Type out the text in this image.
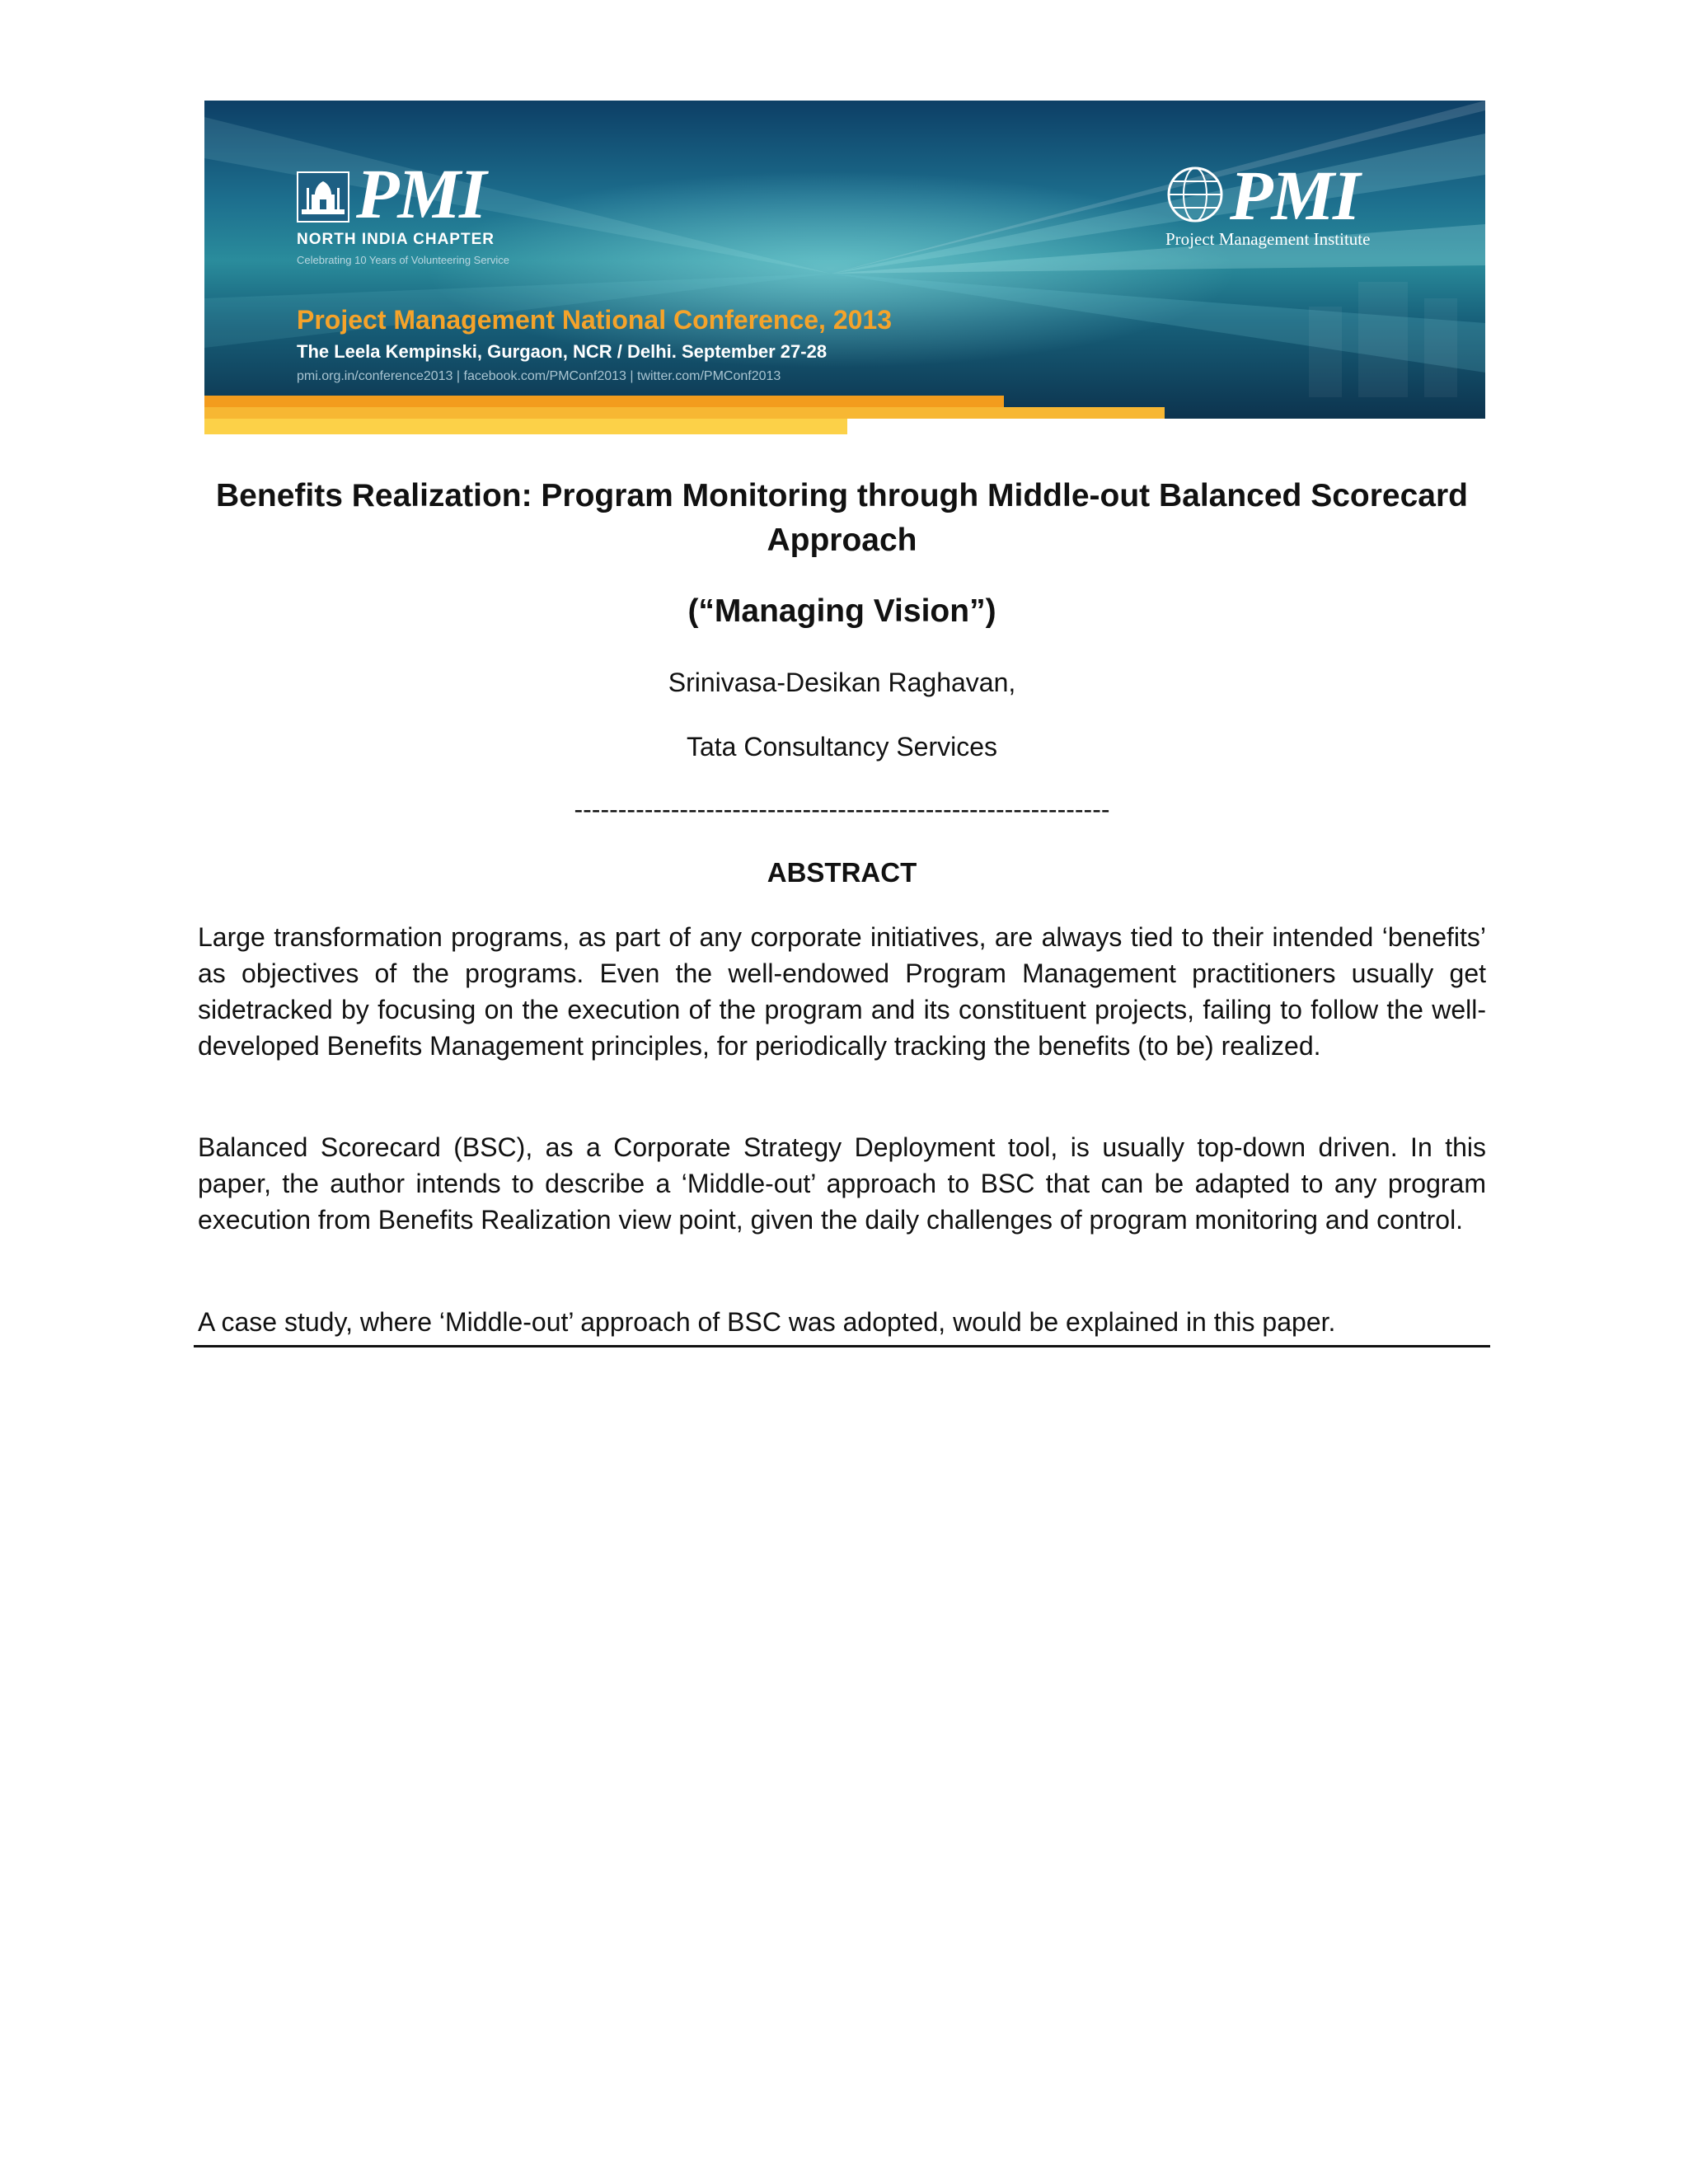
PMI
NORTH INDIA CHAPTER
Celebrating 10 Years of Volunteering Service
Project Management National Conference, 2013
The Leela Kempinski, Gurgaon, NCR / Delhi. September 27-28
pmi.org.in/conference2013 | facebook.com/PMConf2013 | twitter.com/PMConf2013
PMI
Project Management Institute
Benefits Realization: Program Monitoring through Middle-out Balanced Scorecard Approach
(“Managing Vision”)
Srinivasa-Desikan Raghavan,
Tata Consultancy Services
-------------------------------------------------------------
ABSTRACT

Large transformation programs, as part of any corporate initiatives, are always tied to their intended ‘benefits’ as objectives of the programs. Even the well-endowed Program Management practitioners usually get sidetracked by focusing on the execution of the program and its constituent projects, failing to follow the well-developed Benefits Management principles, for periodically tracking the benefits (to be) realized.

Balanced Scorecard (BSC), as a Corporate Strategy Deployment tool, is usually top-down driven. In this paper, the author intends to describe a ‘Middle-out’ approach to BSC that can be adapted to any program execution from Benefits Realization view point, given the daily challenges of program monitoring and control.

A case study, where ‘Middle-out’ approach of BSC was adopted, would be explained in this paper.
